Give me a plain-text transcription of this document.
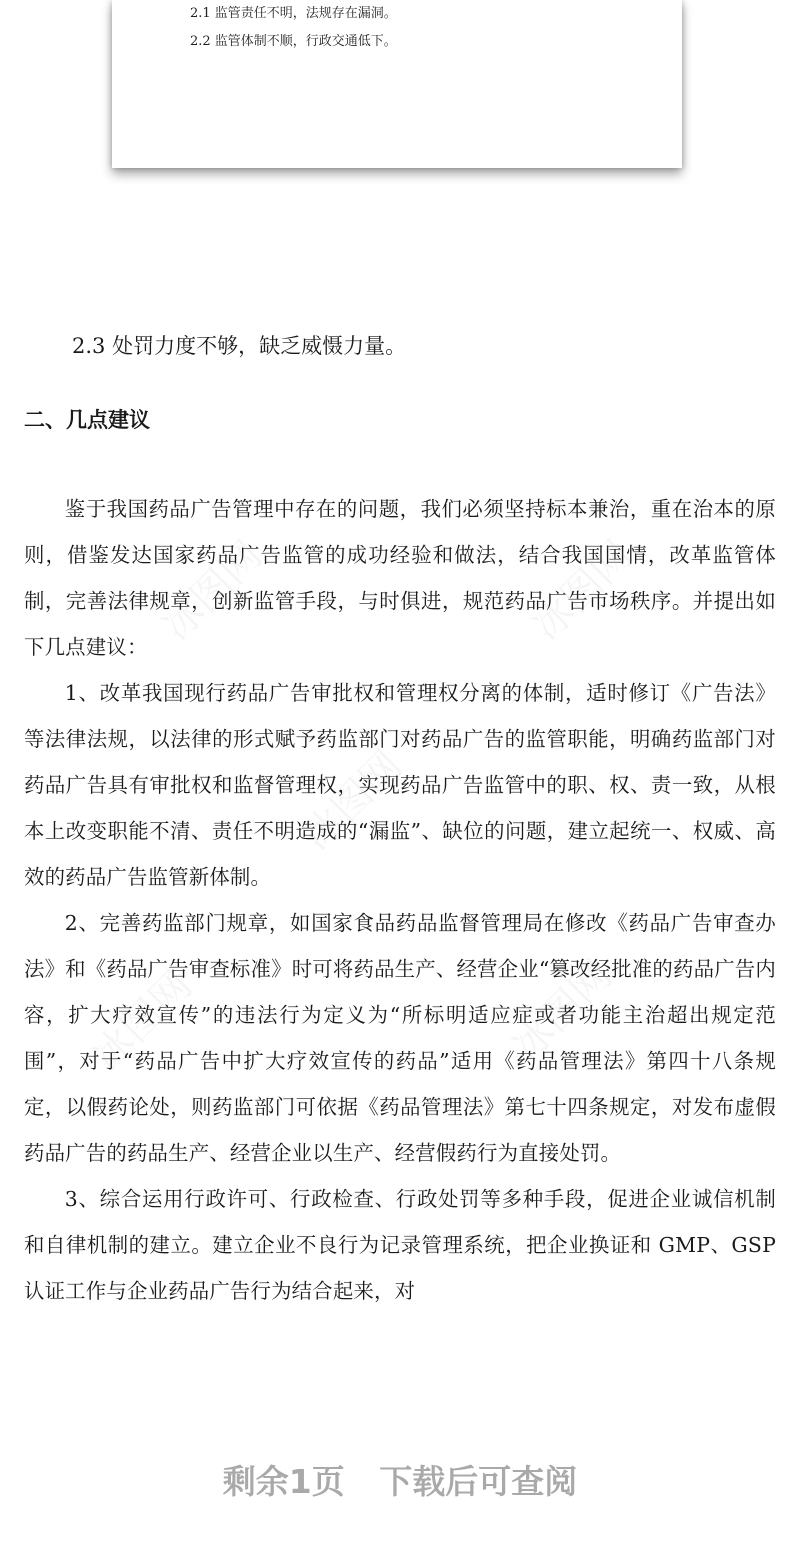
2.1 监管责任不明，法规存在漏洞。
2.2 监管体制不顺，行政交通低下。
2.3 处罚力度不够，缺乏威慑力量。
二、几点建议

鉴于我国药品广告管理中存在的问题，我们必须坚持标本兼治，重在治本的原则，借鉴发达国家药品广告监管的成功经验和做法，结合我国国情，改革监管体制，完善法律规章，创新监管手段，与时俱进，规范药品广告市场秩序。并提出如下几点建议：

1、改革我国现行药品广告审批权和管理权分离的体制，适时修订《广告法》等法律法规，以法律的形式赋予药监部门对药品广告的监管职能，明确药监部门对药品广告具有审批权和监督管理权，实现药品广告监管中的职、权、责一致，从根本上改变职能不清、责任不明造成的“漏监”、缺位的问题，建立起统一、权威、高效的药品广告监管新体制。

2、完善药监部门规章，如国家食品药品监督管理局在修改《药品广告审查办法》和《药品广告审查标准》时可将药品生产、经营企业“篡改经批准的药品广告内容，扩大疗效宣传”的违法行为定义为“所标明适应症或者功能主治超出规定范围”，对于“药品广告中扩大疗效宣传的药品”适用《药品管理法》第四十八条规定，以假药论处，则药监部门可依据《药品管理法》第七十四条规定，对发布虚假药品广告的药品生产、经营企业以生产、经营假药行为直接处罚。

3、综合运用行政许可、行政检查、行政处罚等多种手段，促进企业诚信机制和自律机制的建立。建立企业不良行为记录管理系统，把企业换证和 GMP、GSP 认证工作与企业药品广告行为结合起来，对

冰图网	冰图网
冰图网
冰图网	冰图网
剩余1页   下载后可查阅
